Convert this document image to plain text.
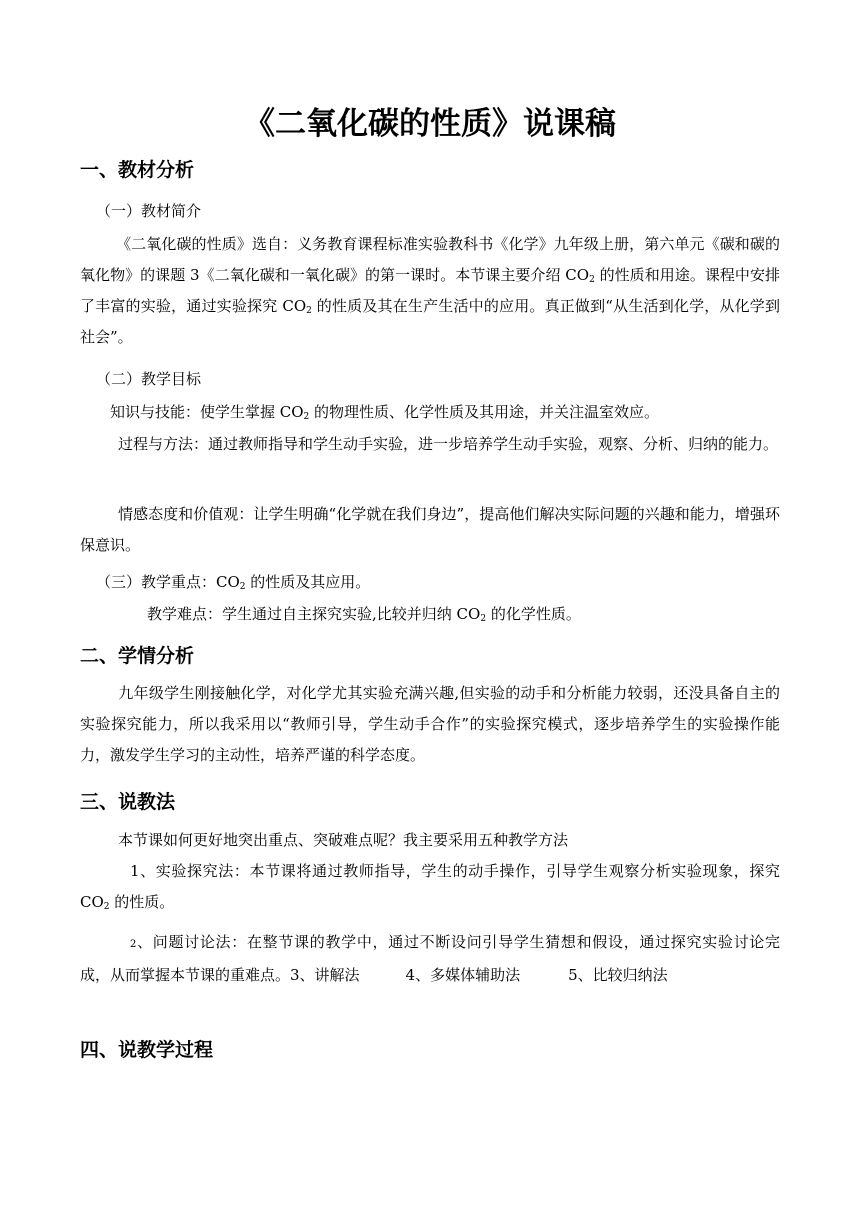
《二氧化碳的性质》说课稿
一、教材分析

（一）教材简介

《二氧化碳的性质》选自：义务教育课程标准实验教科书《化学》九年级上册，第六单元《碳和碳的氧化物》的课题 3《二氧化碳和一氧化碳》的第一课时。本节课主要介绍 $CO_2$ 的性质和用途。课程中安排了丰富的实验，通过实验探究 $CO_2$ 的性质及其在生产生活中的应用。真正做到“从生活到化学，从化学到社会”。

（二）教学目标

知识与技能：使学生掌握 $CO_2$ 的物理性质、化学性质及其用途，并关注温室效应。

过程与方法：通过教师指导和学生动手实验，进一步培养学生动手实验，观察、分析、归纳的能力。

情感态度和价值观：让学生明确“化学就在我们身边”，提高他们解决实际问题的兴趣和能力，增强环保意识。

（三）教学重点：$CO_2$ 的性质及其应用。

教学难点：学生通过自主探究实验,比较并归纳 $CO_2$ 的化学性质。

二、学情分析

九年级学生刚接触化学，对化学尤其实验充满兴趣,但实验的动手和分析能力较弱，还没具备自主的实验探究能力，所以我采用以“教师引导，学生动手合作”的实验探究模式，逐步培养学生的实验操作能力，激发学生学习的主动性，培养严谨的科学态度。

三、说教法

本节课如何更好地突出重点、突破难点呢？我主要采用五种教学方法

1、实验探究法：本节课将通过教师指导，学生的动手操作，引导学生观察分析实验现象，探究 $CO_2$ 的性质。

2、问题讨论法：在整节课的教学中，通过不断设问引导学生猜想和假设，通过探究实验讨论完成，从而掌握本节课的重难点。3、讲解法	4、多媒体辅助法	5、比较归纳法

四、说教学过程
